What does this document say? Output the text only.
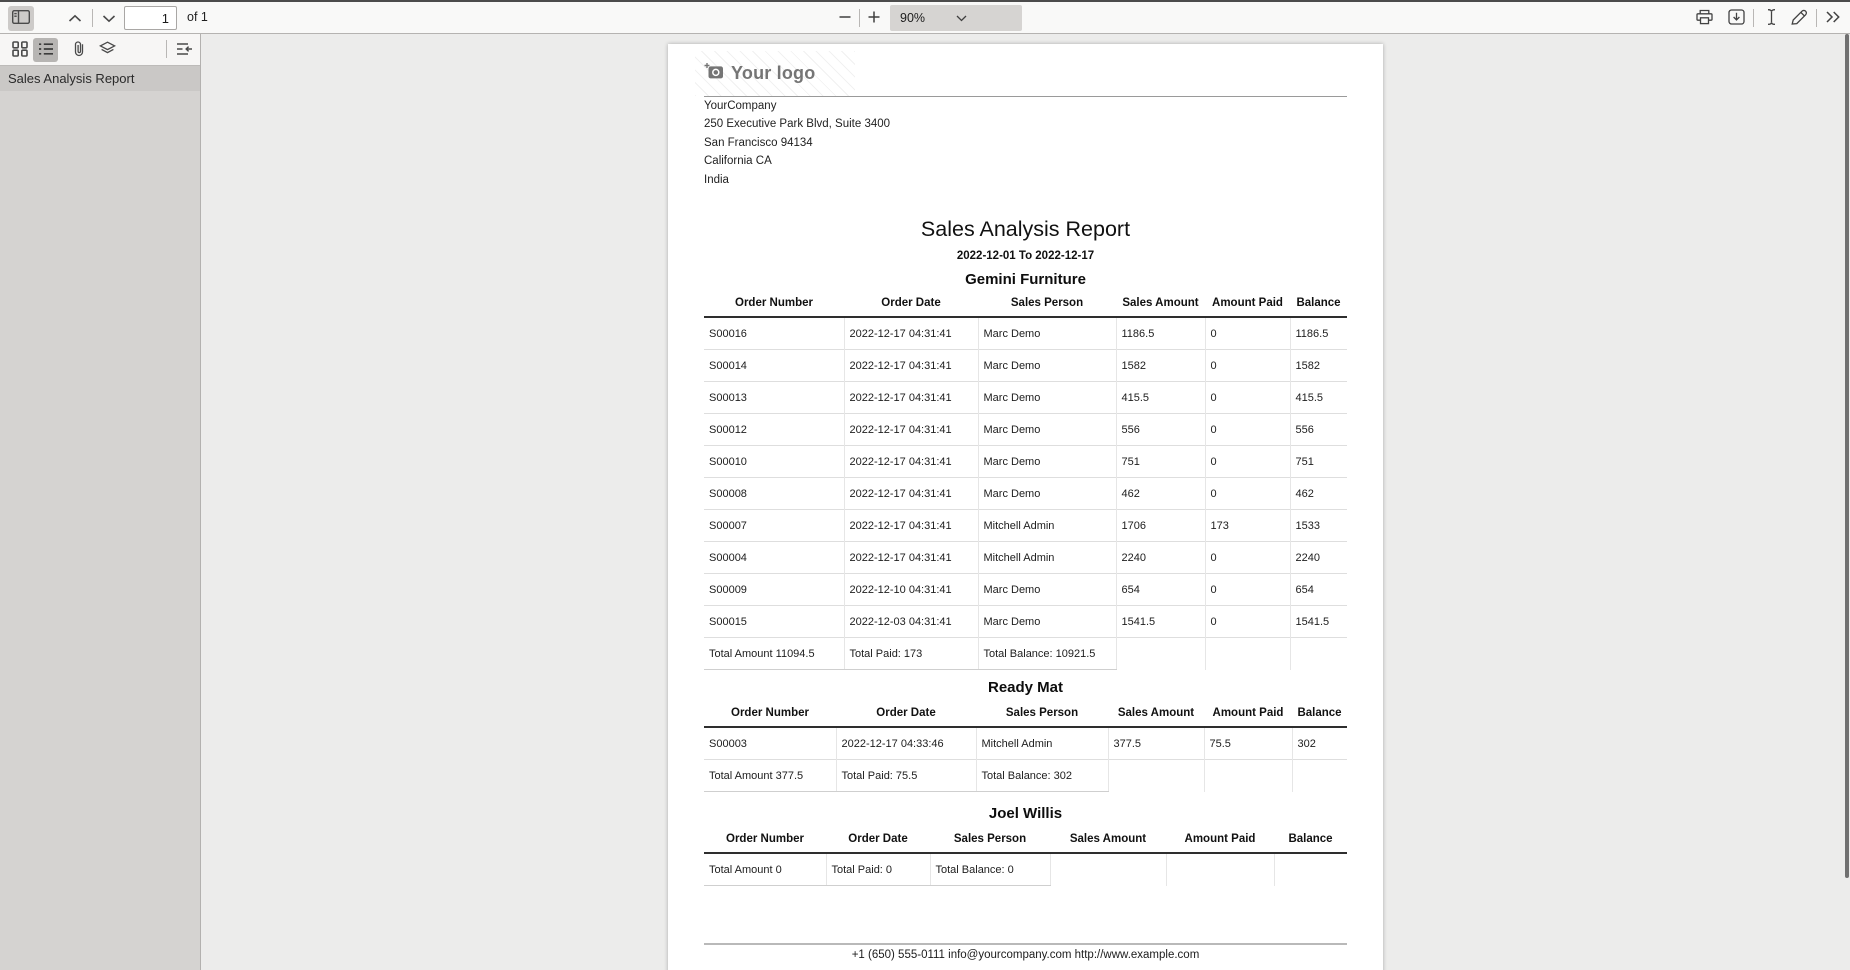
1
of 1	90%
Sales Analysis Report	Your logo
YourCompany
250 Executive Park Blvd, Suite 3400
San Francisco 94134
California CA
India
Sales Analysis Report
2022-12-01 To 2022-12-17
Gemini Furniture
Order Number	Order Date	Sales Person	Sales Amount	Amount Paid	Balance
S00016	2022-12-17 04:31:41	Marc Demo	1186.5	0	1186.5
S00014	2022-12-17 04:31:41	Marc Demo	1582	0	1582
S00013	2022-12-17 04:31:41	Marc Demo	415.5	0	415.5
S00012	2022-12-17 04:31:41	Marc Demo	556	0	556
S00010	2022-12-17 04:31:41	Marc Demo	751	0	751
S00008	2022-12-17 04:31:41	Marc Demo	462	0	462
S00007	2022-12-17 04:31:41	Mitchell Admin	1706	173	1533
S00004	2022-12-17 04:31:41	Mitchell Admin	2240	0	2240
S00009	2022-12-10 04:31:41	Marc Demo	654	0	654
S00015	2022-12-03 04:31:41	Marc Demo	1541.5	0	1541.5
Total Amount 11094.5	Total Paid: 173	Total Balance: 10921.5			
Ready Mat
Order Number	Order Date	Sales Person	Sales Amount	Amount Paid	Balance
S00003	2022-12-17 04:33:46	Mitchell Admin	377.5	75.5	302
Total Amount 377.5	Total Paid: 75.5	Total Balance: 302			
Joel Willis
Order Number	Order Date	Sales Person	Sales Amount	Amount Paid	Balance
Total Amount 0	Total Paid: 0	Total Balance: 0			
+1 (650) 555-0111 info@yourcompany.com http://www.example.com
